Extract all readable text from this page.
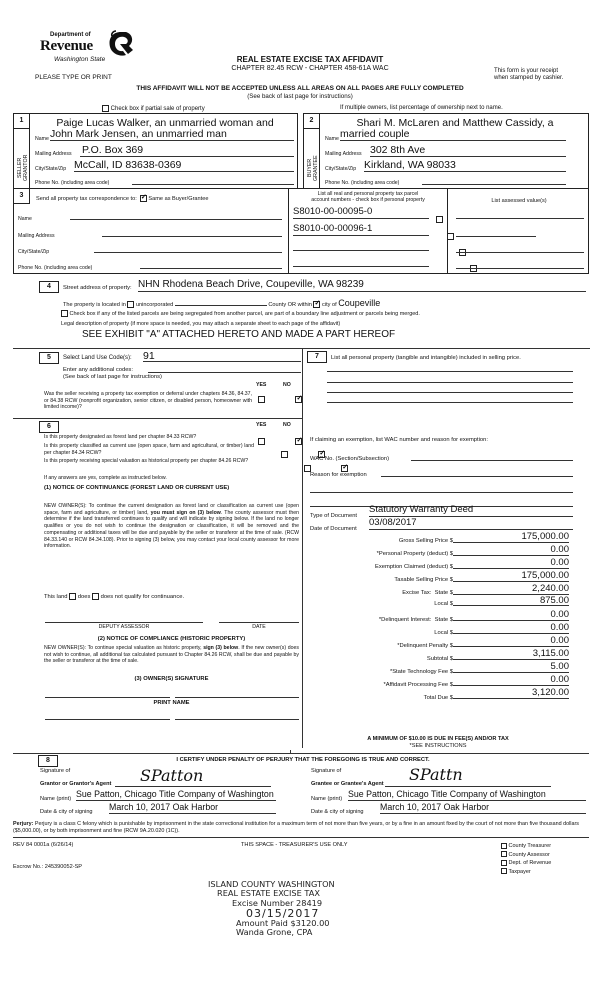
Department of
Revenue
Washington State
PLEASE TYPE OR PRINT
REAL ESTATE EXCISE TAX AFFIDAVIT
CHAPTER 82.45 RCW - CHAPTER 458-61A WAC	This form is your receipt
when stamped by cashier.
THIS AFFIDAVIT WILL NOT BE ACCEPTED UNLESS ALL AREAS ON ALL PAGES ARE FULLY COMPLETED
(See back of last page for instructions)
Check box if partial sale of property	If multiple owners, list percentage of ownership next to name.
1
SELLER GRANTOR
Paige Lucas Walker, an unmarried woman and
Name John Mark Jensen, an unmarried man
Mailing Address P.O. Box 369
City/State/Zip McCall, ID 83638-0369
Phone No. (including area code)
2
BUYER GRANTEE
Shari M. McLaren and Matthew Cassidy, a
Name married couple
Mailing Address 302 8th Ave
City/State/Zip Kirkland, WA 98033
Phone No. (including area code)
3	Send all property tax correspondence to: ✓ Same as Buyer/Grantee
Name
Mailing Address
City/State/Zip
Phone No. (including area code)
List all real and personal property tax parcel
account numbers - check box if personal property
S8010-00-00095-0

S8010-00-00096-1

List assessed value(s)
4	Street address of property: NHN Rhodena Beach Drive, Coupeville, WA 98239
The property is located in unincorporated	County OR within ✓ city of Coupeville
Check box if any of the listed parcels are being segregated from another parcel, are part of a boundary line adjustment or parcels being merged.
Legal description of property (if more space is needed, you may attach a separate sheet to each page of the affidavit)
SEE EXHIBIT "A" ATTACHED HERETO AND MADE A PART HEREOF
5	Select Land Use Code(s): 91
Enter any additional codes:
(See back of last page for instructions)
YES	NO
Was the seller receiving a property tax exemption or deferral under chapters 84.36, 84.37, or 84.38 RCW (nonprofit organization, senior citizen, or disabled person, homeowner with limited income)?
✓
6	YES	NO
Is this property designated as forest land per chapter 84.33 RCW?
✓
Is this property classified as current use (open space, farm and agricultural, or timber) land per chapter 84.34 RCW?
✓
Is this property receiving special valuation as historical property per chapter 84.26 RCW?
✓
If any answers are yes, complete as instructed below.
(1) NOTICE OF CONTINUANCE (FOREST LAND OR CURRENT USE)
NEW OWNER(S): To continue the current designation as forest land or classification as current use (open space, farm and agriculture, or timber) land, you must sign on (3) below. The county assessor must then determine if the land transferred continues to qualify and will indicate by signing below. If the land no longer qualifies or you do not wish to continue the designation or classification, it will be removed and the compensating or additional taxes will be due and payable by the seller or transferor at the time of sale. (RCW 84.33.140 or RCW 84.34.108). Prior to signing (3) below, you may contact your local county assessor for more information.
This land does does not qualify for continuance.
DEPUTY ASSESSOR	DATE
(2) NOTICE OF COMPLIANCE (HISTORIC PROPERTY)
NEW OWNER(S): To continue special valuation as historic property, sign (3) below. If the new owner(s) does not wish to continue, all additional tax calculated pursuant to Chapter 84.26 RCW, shall be due and payable by the seller or transferor at the time of sale.
(3) OWNER(S) SIGNATURE
PRINT NAME
7	List all personal property (tangible and intangible) included in selling price.
If claiming an exemption, list WAC number and reason for exemption:
WAC No. (Section/Subsection)
Reason for exemption
Type of Document
Statutory Warranty Deed
Date of Document
03/08/2017
Gross Selling Price $	175,000.00
*Personal Property (deduct) $	0.00
Exemption Claimed (deduct) $	0.00
Taxable Selling Price $	175,000.00
Excise Tax:  State $	2,240.00
Local $	875.00
*Delinquent Interest:  State $	0.00
Local $	0.00
*Delinquent Penalty $	0.00
Subtotal $	3,115.00
*State Technology Fee $	5.00
*Affidavit Processing Fee $	0.00
Total Due $	3,120.00
A MINIMUM OF $10.00 IS DUE IN FEE(S) AND/OR TAX
*SEE INSTRUCTIONS
8	I CERTIFY UNDER PENALTY OF PERJURY THAT THE FOREGOING IS TRUE AND CORRECT.
Signature of
Grantor or Grantor's Agent SPatton
Name (print) Sue Patton, Chicago Title Company of Washington
Date & city of signing March 10, 2017 Oak Harbor
Signature of
Grantee or Grantee's Agent SPattn
Name (print) Sue Patton, Chicago Title Company of Washington
Date & city of signing March 10, 2017 Oak Harbor
Perjury: Perjury is a class C felony which is punishable by imprisonment in the state correctional institution for a maximum term of not more than five years, or by a fine in an amount fixed by the court of not more than five thousand dollars ($5,000.00), or by both imprisonment and fine (RCW 9A.20.020 (1C)).
REV 84 0001a (6/26/14)	THIS SPACE - TREASURER'S USE ONLY
Escrow No.: 245390052-SP
County Treasurer
County Assessor
Dept. of Revenue
Taxpayer
ISLAND COUNTY WASHINGTON
REAL ESTATE EXCISE TAX
Excise Number 28419
03/15/2017
Amount Paid $3120.00
Wanda Grone, CPA
